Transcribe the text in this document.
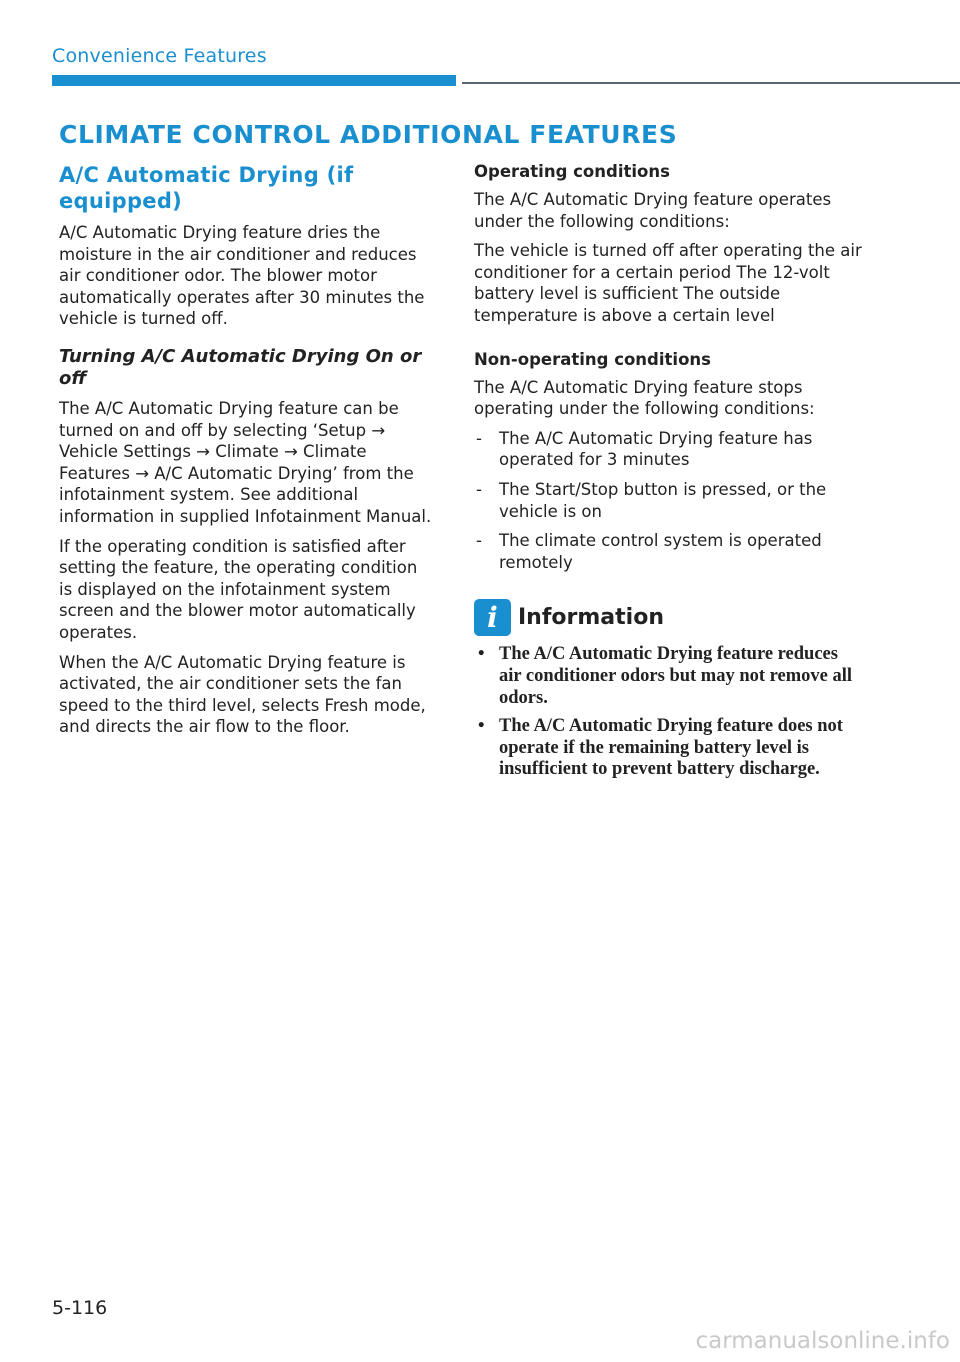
Convenience Features
CLIMATE CONTROL ADDITIONAL FEATURES
A/C Automatic Drying (if equipped)

A/C Automatic Drying feature dries the moisture in the air conditioner and reduces air conditioner odor. The blower motor automatically operates after 30 minutes the vehicle is turned off.

Turning A/C Automatic Drying On or off

The A/C Automatic Drying feature can be turned on and off by selecting ‘Setup → Vehicle Settings → Climate → Climate Features → A/C Automatic Drying’ from the infotainment system. See additional information in supplied Infotainment Manual.

If the operating condition is satisfied after setting the feature, the operating condition is displayed on the infotainment system screen and the blower motor automatically operates.

When the A/C Automatic Drying feature is activated, the air conditioner sets the fan speed to the third level, selects Fresh mode, and directs the air flow to the floor.

Operating conditions

The A/C Automatic Drying feature operates under the following conditions:

The vehicle is turned off after operating the air conditioner for a certain period The 12-volt battery level is sufficient The outside temperature is above a certain level

Non-operating conditions

The A/C Automatic Drying feature stops operating under the following conditions:

- The A/C Automatic Drying feature has operated for 3 minutes
- The Start/Stop button is pressed, or the vehicle is on
- The climate control system is operated remotely
i Information
• The A/C Automatic Drying feature reduces air conditioner odors but may not remove all odors.
• The A/C Automatic Drying feature does not operate if the remaining battery level is insufficient to prevent battery discharge.
5-116
carmanualsonline.info
